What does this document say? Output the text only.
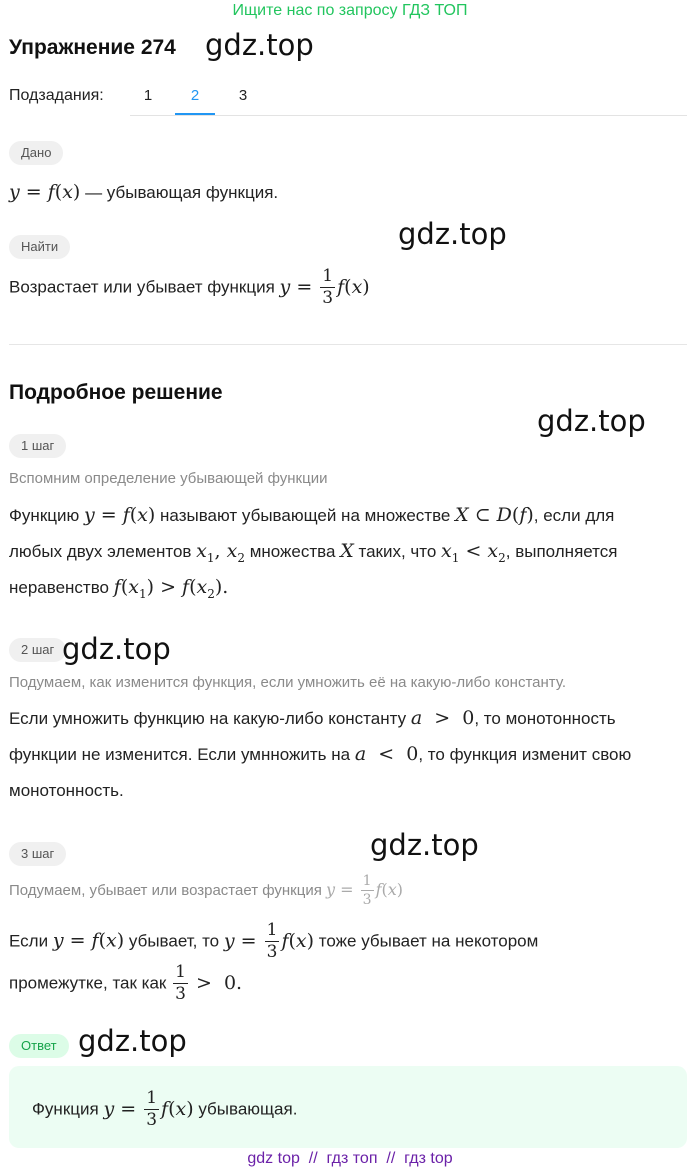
Ищите нас по запросу ГДЗ ТОП
Упражнение 274 gdz.top
Подзадания:	1	2	3
Дано
y = f(x) — убывающая функция.
Найти	gdz.top
Возрастает или убывает функция $y = \frac{1}{3} f(x)$
Подробное решение
gdz.top
1 шаг
Вспомним определение убывающей функции
Функцию y = f(x) называют убывающей на множестве X ⊂ D(f), если для
любых двух элементов $x_1$, $x_2$ множества X таких, что $x_1 < x_2$, выполняется
неравенство $f(x_1) > f(x_2)$.
2 шаг gdz.top
Подумаем, как изменится функция, если умножить её на какую-либо константу.
Если умножить функцию на какую-либо константу a  >  0, то монотонность
функции не изменится. Если умнножить на a  <  0, то функция изменит свою
монотонность.
3 шаг	gdz.top
Подумаем, убывает или возрастает функция $y = \frac{1}{3} f(x)$
Если y = f(x) убывает, то $y = \frac{1}{3} f(x)$ тоже убывает на некотором
промежутке, так как $\frac{1}{3} > 0$.
Ответ gdz.top
Функция $y = \frac{1}{3} f(x)$ убывающая.
gdz top  //  гдз топ  //  гдз top
